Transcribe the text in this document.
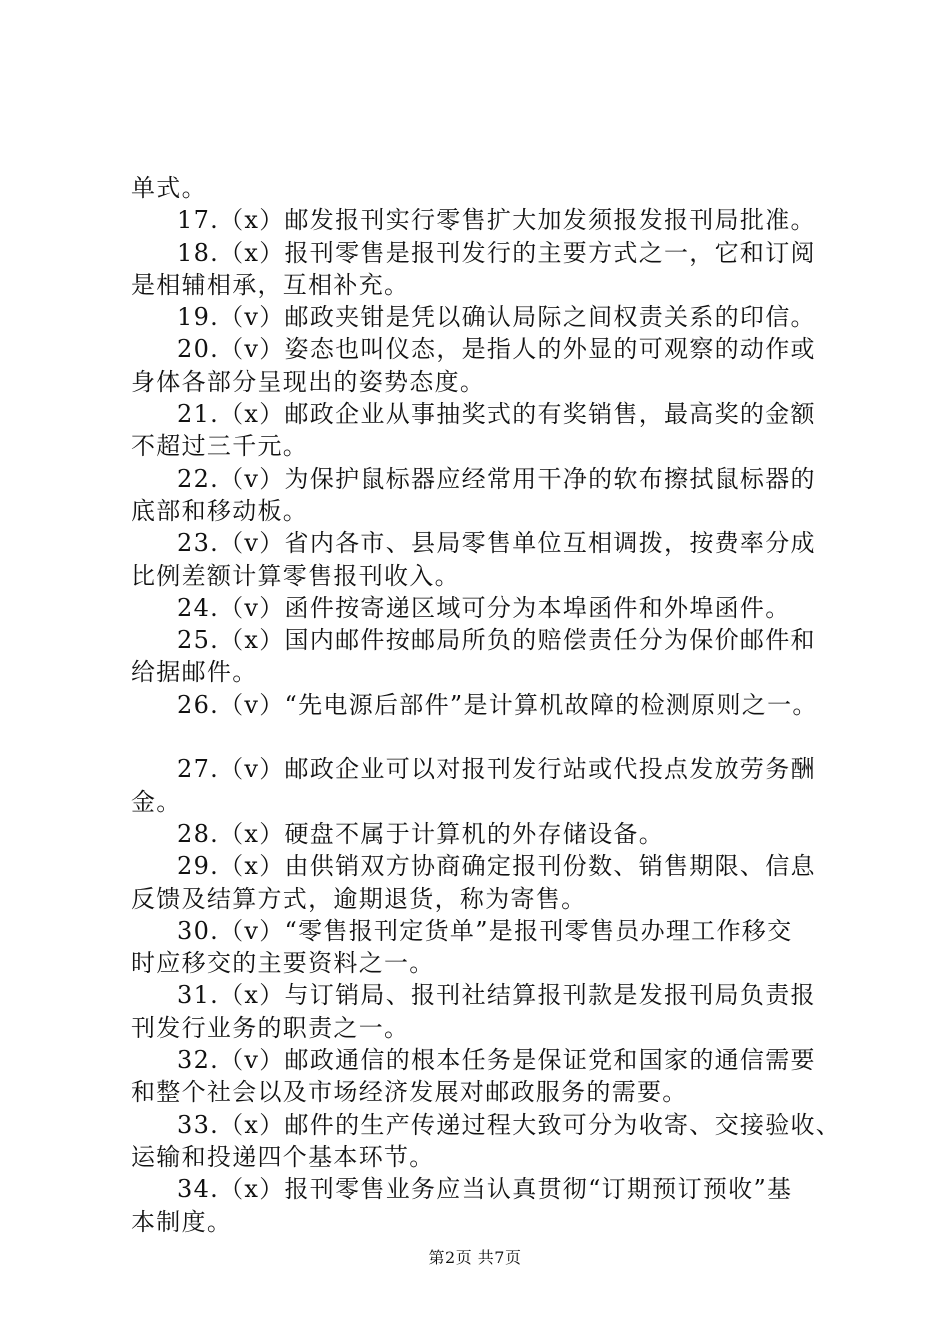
单式。
17.（x）邮发报刊实行零售扩大加发须报发报刊局批准。
18.（x）报刊零售是报刊发行的主要方式之一，它和订阅
是相辅相承，互相补充。
19.（v）邮政夹钳是凭以确认局际之间权责关系的印信。
20.（v）姿态也叫仪态，是指人的外显的可观察的动作或
身体各部分呈现出的姿势态度。
21.（x）邮政企业从事抽奖式的有奖销售，最高奖的金额
不超过三千元。
22.（v）为保护鼠标器应经常用干净的软布擦拭鼠标器的
底部和移动板。
23.（v）省内各市、县局零售单位互相调拨，按费率分成
比例差额计算零售报刊收入。
24.（v）函件按寄递区域可分为本埠函件和外埠函件。
25.（x）国内邮件按邮局所负的赔偿责任分为保价邮件和
给据邮件。
26.（v）“先电源后部件”是计算机故障的检测原则之一。
27.（v）邮政企业可以对报刊发行站或代投点发放劳务酬
金。
28.（x）硬盘不属于计算机的外存储设备。
29.（x）由供销双方协商确定报刊份数、销售期限、信息
反馈及结算方式，逾期退货，称为寄售。
30.（v）“零售报刊定货单”是报刊零售员办理工作移交
时应移交的主要资料之一。
31.（x）与订销局、报刊社结算报刊款是发报刊局负责报
刊发行业务的职责之一。
32.（v）邮政通信的根本任务是保证党和国家的通信需要
和整个社会以及市场经济发展对邮政服务的需要。
33.（x）邮件的生产传递过程大致可分为收寄、交接验收、
运输和投递四个基本环节。
34.（x）报刊零售业务应当认真贯彻“订期预订预收”基
本制度。
第2页 共7页
